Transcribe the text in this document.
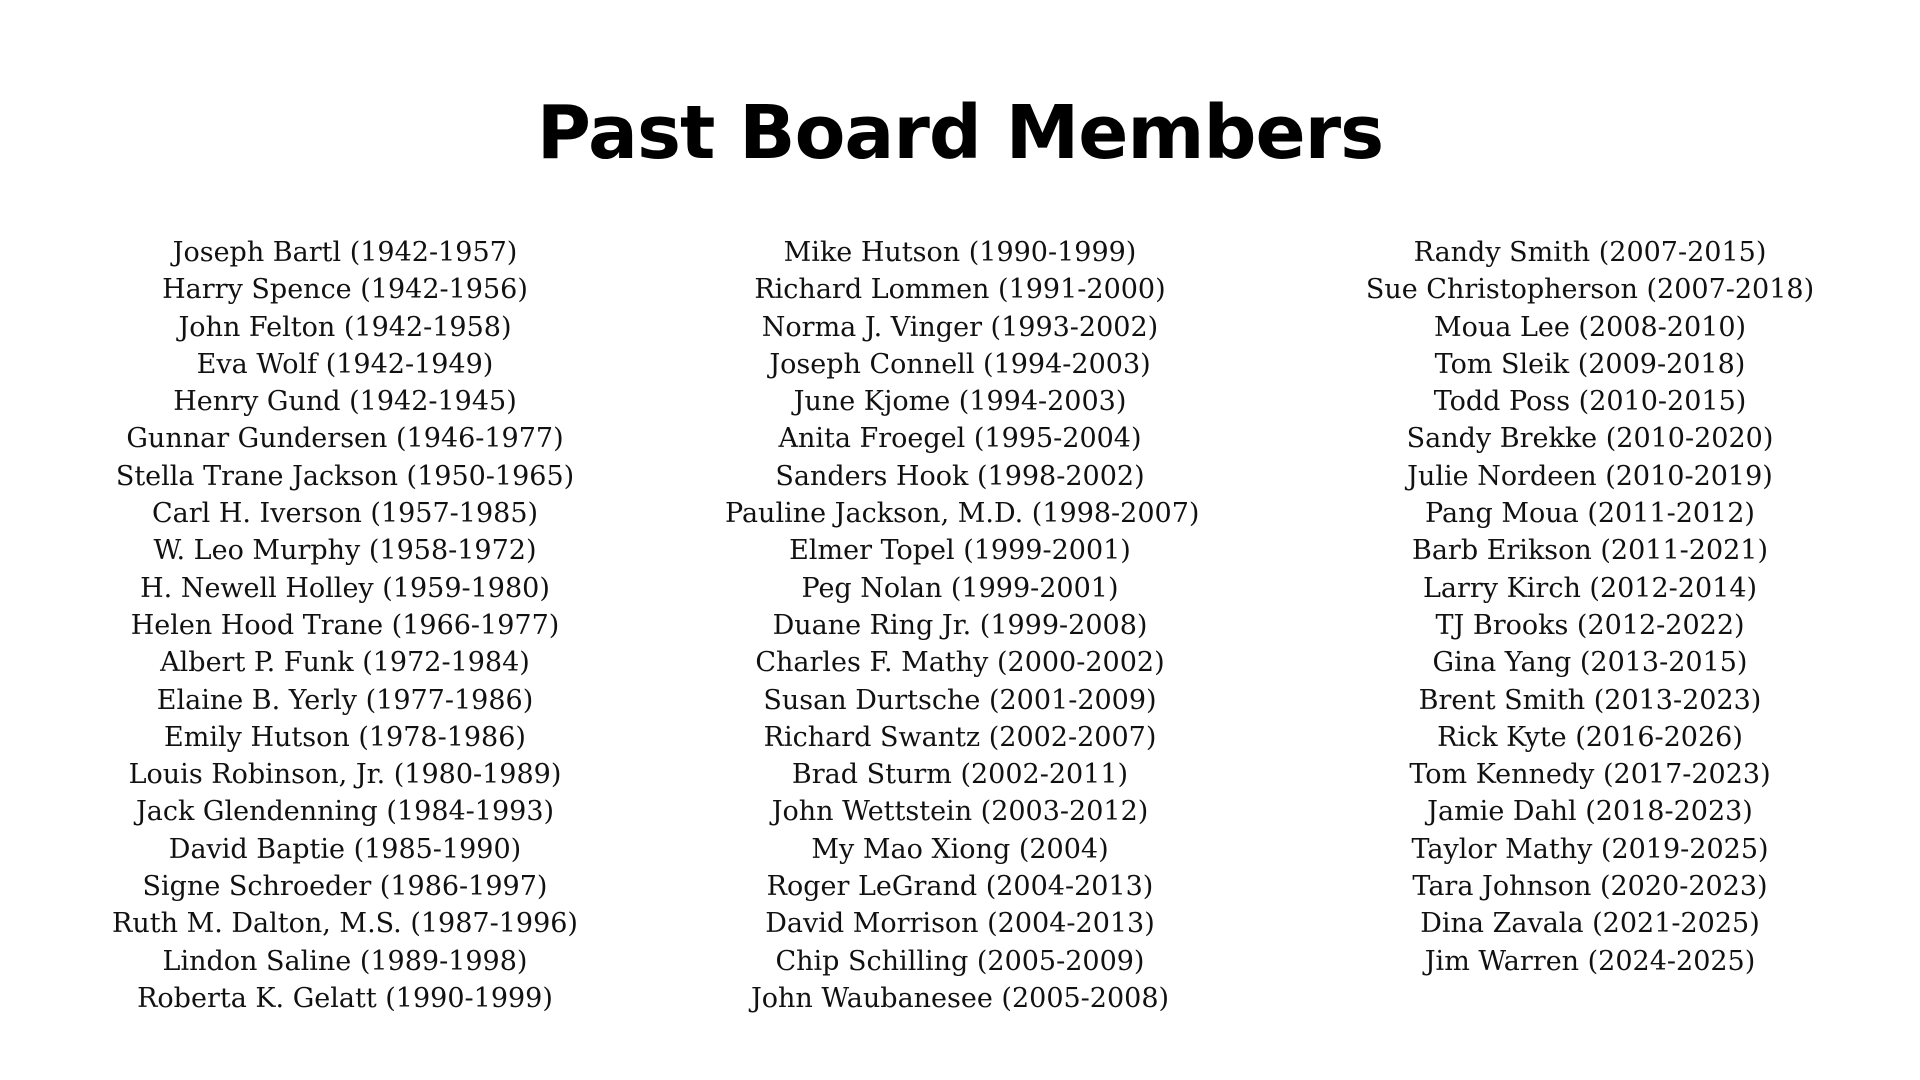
Past Board Members
Joseph Bartl (1942-1957)
Harry Spence (1942-1956)
John Felton (1942-1958)
Eva Wolf (1942-1949)
Henry Gund (1942-1945)
Gunnar Gundersen (1946-1977)
Stella Trane Jackson (1950-1965)
Carl H. Iverson (1957-1985)
W. Leo Murphy (1958-1972)
H. Newell Holley (1959-1980)
Helen Hood Trane (1966-1977)
Albert P. Funk (1972-1984)
Elaine B. Yerly (1977-1986)
Emily Hutson (1978-1986)
Louis Robinson, Jr. (1980-1989)
Jack Glendenning (1984-1993)
David Baptie (1985-1990)
Signe Schroeder (1986-1997)
Ruth M. Dalton, M.S. (1987-1996)
Lindon Saline (1989-1998)
Roberta K. Gelatt (1990-1999)
Mike Hutson (1990-1999)
Richard Lommen (1991-2000)
Norma J. Vinger (1993-2002)
Joseph Connell (1994-2003)
June Kjome (1994-2003)
Anita Froegel (1995-2004)
Sanders Hook (1998-2002)
Pauline Jackson, M.D. (1998-2007)
Elmer Topel (1999-2001)
Peg Nolan (1999-2001)
Duane Ring Jr. (1999-2008)
Charles F. Mathy (2000-2002)
Susan Durtsche (2001-2009)
Richard Swantz (2002-2007)
Brad Sturm (2002-2011)
John Wettstein (2003-2012)
My Mao Xiong (2004)
Roger LeGrand (2004-2013)
David Morrison (2004-2013)
Chip Schilling (2005-2009)
John Waubanesee (2005-2008)
Randy Smith (2007-2015)
Sue Christopherson (2007-2018)
Moua Lee (2008-2010)
Tom Sleik (2009-2018)
Todd Poss (2010-2015)
Sandy Brekke (2010-2020)
Julie Nordeen (2010-2019)
Pang Moua (2011-2012)
Barb Erikson (2011-2021)
Larry Kirch (2012-2014)
TJ Brooks (2012-2022)
Gina Yang (2013-2015)
Brent Smith (2013-2023)
Rick Kyte (2016-2026)
Tom Kennedy (2017-2023)
Jamie Dahl (2018-2023)
Taylor Mathy (2019-2025)
Tara Johnson (2020-2023)
Dina Zavala (2021-2025)
Jim Warren (2024-2025)
